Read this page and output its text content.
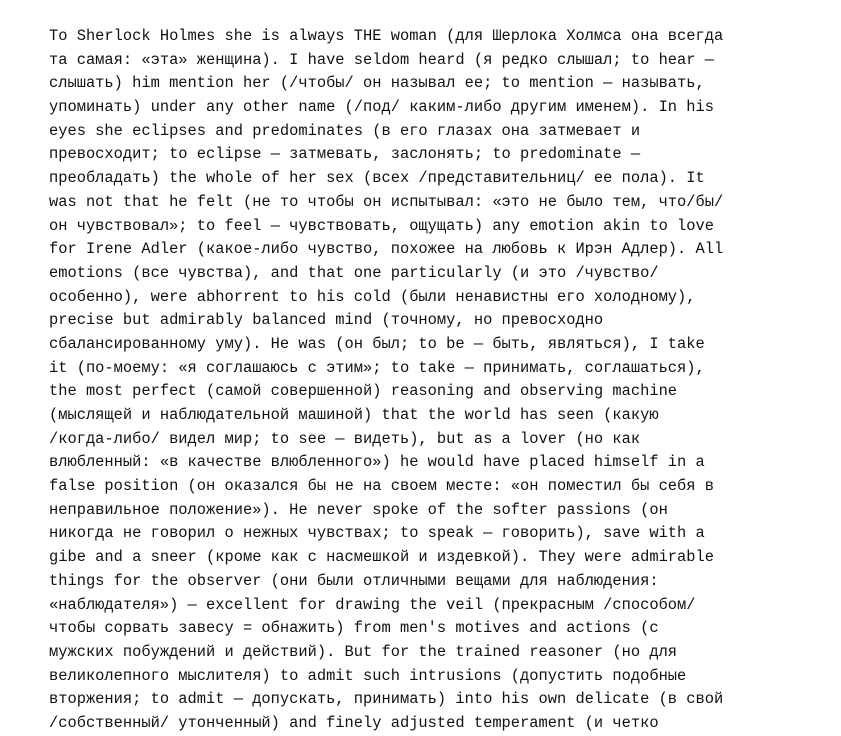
To Sherlock Holmes she is always THE woman (для Шерлока Холмса она всегда
та самая: «эта» женщина). I have seldom heard (я редко слышал; to hear —
слышать) him mention her (/чтобы/ он называл ее; to mention — называть,
упоминать) under any other name (/под/ каким-либо другим именем). In his
eyes she eclipses and predominates (в его глазах она затмевает и
превосходит; to eclipse — затмевать, заслонять; to predominate —
преобладать) the whole of her sex (всех /представительниц/ ее пола). It
was not that he felt (не то чтобы он испытывал: «это не было тем, что/бы/
он чувствовал»; to feel — чувствовать, ощущать) any emotion akin to love
for Irene Adler (какое-либо чувство, похожее на любовь к Ирэн Адлер). All
emotions (все чувства), and that one particularly (и это /чувство/
особенно), were abhorrent to his cold (были ненавистны его холодному),
precise but admirably balanced mind (точному, но превосходно
сбалансированному уму). He was (он был; to be — быть, являться), I take
it (по-моему: «я соглашаюсь с этим»; to take — принимать, соглашаться),
the most perfect (самой совершенной) reasoning and observing machine
(мыслящей и наблюдательной машиной) that the world has seen (какую
/когда-либо/ видел мир; to see — видеть), but as a lover (но как
влюбленный: «в качестве влюбленного») he would have placed himself in a
false position (он оказался бы не на своем месте: «он поместил бы себя в
неправильное положение»). He never spoke of the softer passions (он
никогда не говорил о нежных чувствах; to speak — говорить), save with a
gibe and a sneer (кроме как с насмешкой и издевкой). They were admirable
things for the observer (они были отличными вещами для наблюдения:
«наблюдателя») — excellent for drawing the veil (прекрасным /способом/
чтобы сорвать завесу = обнажить) from men's motives and actions (с
мужских побуждений и действий). But for the trained reasoner (но для
великолепного мыслителя) to admit such intrusions (допустить подобные
вторжения; to admit — допускать, принимать) into his own delicate (в свой
/собственный/ утонченный) and finely adjusted temperament (и четко
